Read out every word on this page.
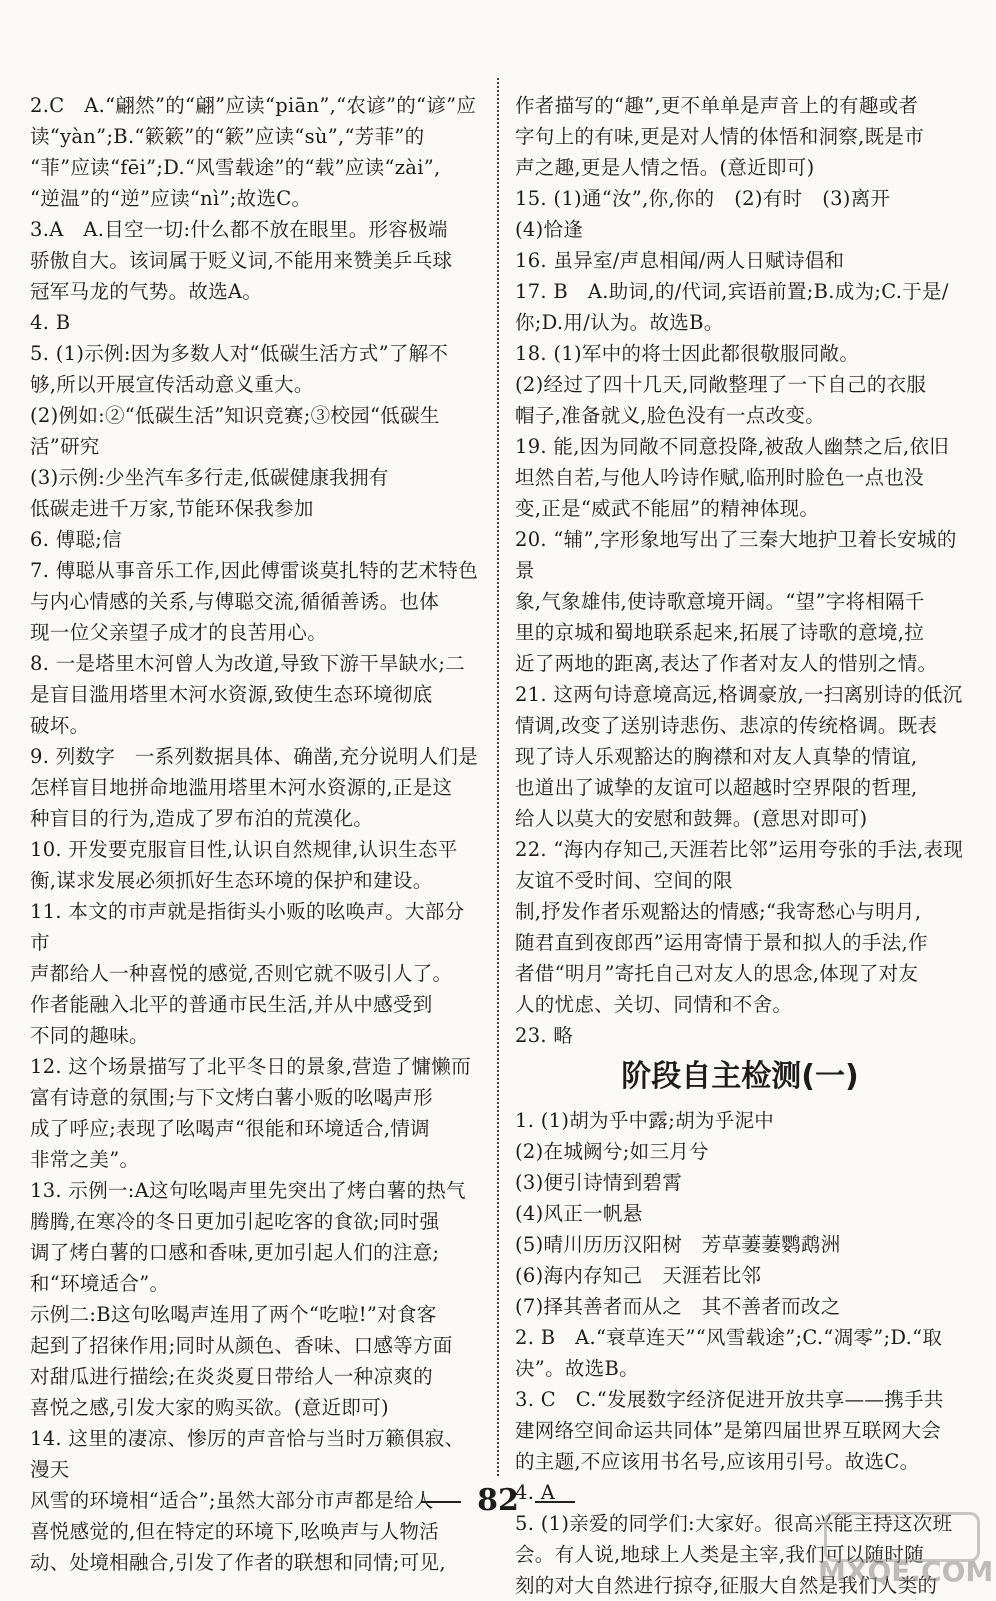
2.C　A.“翩然”的“翩”应读“piān”,“农谚”的“谚”应
读“yàn”;B.“簌簌”的“簌”应读“sù”,“芳菲”的
“菲”应读“fēi”;D.“风雪载途”的“载”应读“zài”,
“逆温”的“逆”应读“nì”;故选C。

3.A　A.目空一切:什么都不放在眼里。形容极端
骄傲自大。该词属于贬义词,不能用来赞美乒乓球
冠军马龙的气势。故选A。

4. B

5. (1)示例:因为多数人对“低碳生活方式”了解不
够,所以开展宣传活动意义重大。
(2)例如:②“低碳生活”知识竞赛;③校园“低碳生
活”研究
(3)示例:少坐汽车多行走,低碳健康我拥有
低碳走进千万家,节能环保我参加

6. 傅聪;信

7. 傅聪从事音乐工作,因此傅雷谈莫扎特的艺术特色
与内心情感的关系,与傅聪交流,循循善诱。也体
现一位父亲望子成才的良苦用心。

8. 一是塔里木河曾人为改道,导致下游干旱缺水;二
是盲目滥用塔里木河水资源,致使生态环境彻底
破坏。

9. 列数字　一系列数据具体、确凿,充分说明人们是
怎样盲目地拼命地滥用塔里木河水资源的,正是这
种盲目的行为,造成了罗布泊的荒漠化。

10. 开发要克服盲目性,认识自然规律,认识生态平
衡,谋求发展必须抓好生态环境的保护和建设。

11. 本文的市声就是指街头小贩的吆唤声。大部分市
声都给人一种喜悦的感觉,否则它就不吸引人了。
作者能融入北平的普通市民生活,并从中感受到
不同的趣味。

12. 这个场景描写了北平冬日的景象,营造了慵懒而
富有诗意的氛围;与下文烤白薯小贩的吆喝声形
成了呼应;表现了吆喝声“很能和环境适合,情调
非常之美”。

13. 示例一:A这句吆喝声里先突出了烤白薯的热气
腾腾,在寒冷的冬日更加引起吃客的食欲;同时强
调了烤白薯的口感和香味,更加引起人们的注意;
和“环境适合”。
示例二:B这句吆喝声连用了两个“吃啦!”对食客
起到了招徕作用;同时从颜色、香味、口感等方面
对甜瓜进行描绘;在炎炎夏日带给人一种凉爽的
喜悦之感,引发大家的购买欲。(意近即可)

14. 这里的凄凉、惨厉的声音恰与当时万籁俱寂、漫天
风雪的环境相“适合”;虽然大部分市声都是给人
喜悦感觉的,但在特定的环境下,吆唤声与人物活
动、处境相融合,引发了作者的联想和同情;可见,

作者描写的“趣”,更不单单是声音上的有趣或者
字句上的有味,更是对人情的体悟和洞察,既是市
声之趣,更是人情之悟。(意近即可)

15. (1)通“汝”,你,你的　(2)有时　(3)离开
(4)恰逢

16. 虽异室/声息相闻/两人日赋诗倡和

17. B　A.助词,的/代词,宾语前置;B.成为;C.于是/
你;D.用/认为。故选B。

18. (1)军中的将士因此都很敬服同敞。
(2)经过了四十几天,同敞整理了一下自己的衣服
帽子,准备就义,脸色没有一点改变。

19. 能,因为同敞不同意投降,被敌人幽禁之后,依旧
坦然自若,与他人吟诗作赋,临刑时脸色一点也没
变,正是“威武不能屈”的精神体现。

20. “辅”,字形象地写出了三秦大地护卫着长安城的景
象,气象雄伟,使诗歌意境开阔。“望”字将相隔千
里的京城和蜀地联系起来,拓展了诗歌的意境,拉
近了两地的距离,表达了作者对友人的惜别之情。

21. 这两句诗意境高远,格调豪放,一扫离别诗的低沉
情调,改变了送别诗悲伤、悲凉的传统格调。既表
现了诗人乐观豁达的胸襟和对友人真挚的情谊,
也道出了诚挚的友谊可以超越时空界限的哲理,
给人以莫大的安慰和鼓舞。(意思对即可)

22. “海内存知己,天涯若比邻”运用夸张的手法,表现
友谊不受时间、空间的限
制,抒发作者乐观豁达的情感;“我寄愁心与明月,
随君直到夜郎西”运用寄情于景和拟人的手法,作
者借“明月”寄托自己对友人的思念,体现了对友
人的忧虑、关切、同情和不舍。

23. 略

阶段自主检测(一)

1. (1)胡为乎中露;胡为乎泥中
(2)在城阙兮;如三月兮
(3)便引诗情到碧霄
(4)风正一帆悬
(5)晴川历历汉阳树　芳草萋萋鹦鹉洲
(6)海内存知己　天涯若比邻
(7)择其善者而从之　其不善者而改之

2. B　A.“衰草连天”“风雪载途”;C.“凋零”;D.“取
决”。故选B。

3. C　C.“发展数字经济促进开放共享——携手共
建网络空间命运共同体”是第四届世界互联网大会
的主题,不应该用书名号,应该用引号。故选C。

4. A

5. (1)亲爱的同学们:大家好。很高兴能主持这次班
会。有人说,地球上人类是主宰,我们可以随时随
刻的对大自然进行掠夺,征服大自然是我们人类的

82
MXQE.COM
